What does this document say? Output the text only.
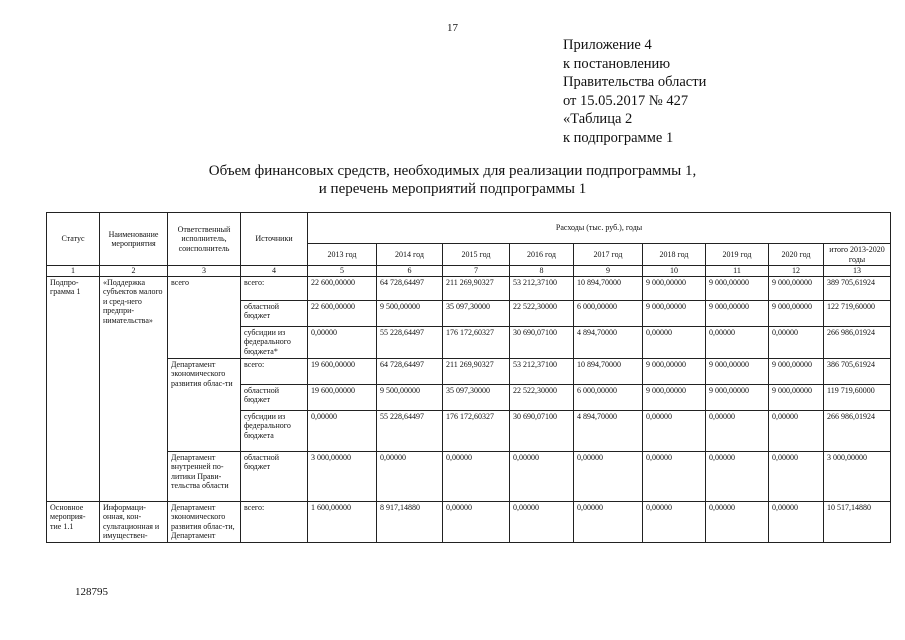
17
Приложение 4
к постановлению
Правительства области
от 15.05.2017 № 427
«Таблица 2
к подпрограмме 1
Объем финансовых средств, необходимых для реализации подпрограммы 1,
и перечень мероприятий подпрограммы 1
Статус	Наименование мероприятия	Ответственный исполнитель, соисполнитель	Источники	Расходы (тыс. руб.), годы								
				2013 год	2014 год	2015 год	2016 год	2017 год	2018 год	2019 год	2020 год	итого 2013-2020 годы
1	2	3	4	5	6	7	8	9	10	11	12	13
Подпро-грамма 1	«Поддержка субъектов малого и сред-него предпри-нимательства»	всего	всего:	22 600,00000	64 728,64497	211 269,90327	53 212,37100	10 894,70000	9 000,00000	9 000,00000	9 000,00000	389 705,61924
			областной бюджет	22 600,00000	9 500,00000	35 097,30000	22 522,30000	6 000,00000	9 000,00000	9 000,00000	9 000,00000	122 719,60000
			субсидии из федерального бюджета*	0,00000	55 228,64497	176 172,60327	30 690,07100	4 894,70000	0,00000	0,00000	0,00000	266 986,01924
		Департамент экономического развития облас-ти	всего:	19 600,00000	64 728,64497	211 269,90327	53 212,37100	10 894,70000	9 000,00000	9 000,00000	9 000,00000	386 705,61924
			областной бюджет	19 600,00000	9 500,00000	35 097,30000	22 522,30000	6 000,00000	9 000,00000	9 000,00000	9 000,00000	119 719,60000
			субсидии из федерального бюджета	0,00000	55 228,64497	176 172,60327	30 690,07100	4 894,70000	0,00000	0,00000	0,00000	266 986,01924
		Департамент внутренней по-литики Прави-тельства области	областной бюджет	3 000,00000	0,00000	0,00000	0,00000	0,00000	0,00000	0,00000	0,00000	3 000,00000
Основное мероприя-тие 1.1	Информаци-онная, кон-сультационная и имуществен-	Департамент экономического развития облас-ти, Департамент	всего:	1 600,00000	8 917,14880	0,00000	0,00000	0,00000	0,00000	0,00000	0,00000	10 517,14880
128795
